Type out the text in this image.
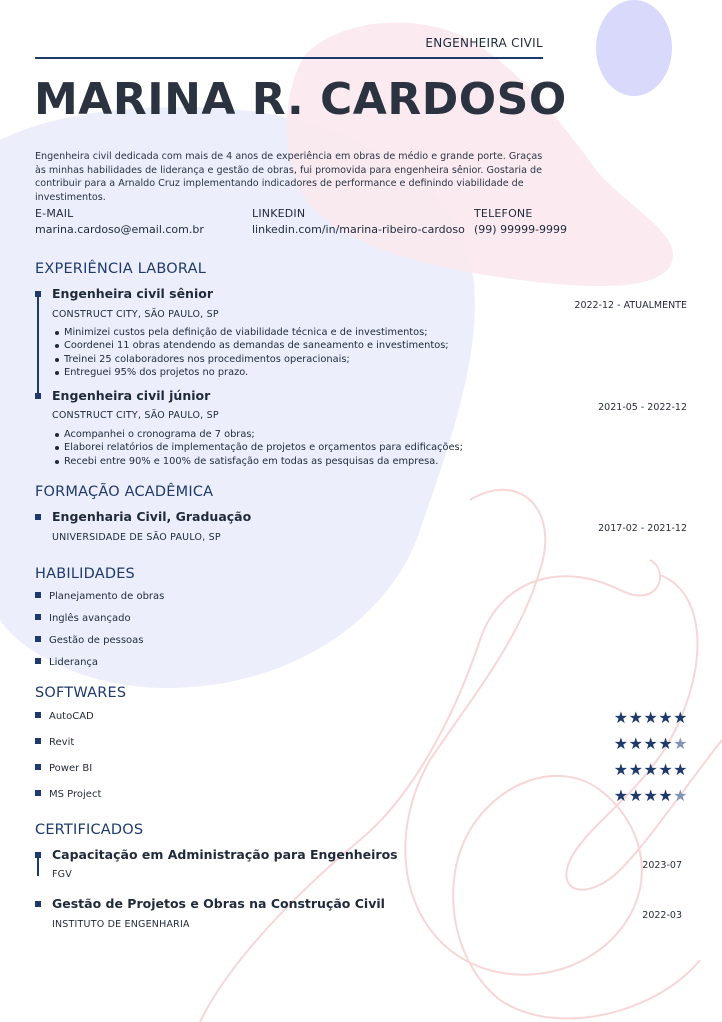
ENGENHEIRA CIVIL
MARINA R. CARDOSO
Engenheira civil dedicada com mais de 4 anos de experiência em obras de médio e grande porte. Graças às minhas habilidades de liderança e gestão de obras, fui promovida para engenheira sênior. Gostaria de contribuir para a Arnaldo Cruz implementando indicadores de performance e definindo viabilidade de investimentos.
E-MAIL
marina.cardoso@email.com.br
LINKEDIN
linkedin.com/in/marina-ribeiro-cardoso
TELEFONE
(99) 99999-9999
EXPERIÊNCIA LABORAL
Engenheira civil sênior
CONSTRUCT CITY, SÃO PAULO, SP
2022-12 - ATUALMENTE
Minimizei custos pela definição de viabilidade técnica e de investimentos;
Coordenei 11 obras atendendo as demandas de saneamento e investimentos;
Treinei 25 colaboradores nos procedimentos operacionais;
Entreguei 95% dos projetos no prazo.
Engenheira civil júnior
CONSTRUCT CITY, SÃO PAULO, SP
2021-05 - 2022-12
Acompanhei o cronograma de 7 obras;
Elaborei relatórios de implementação de projetos e orçamentos para edificações;
Recebi entre 90% e 100% de satisfação em todas as pesquisas da empresa.
FORMAÇÃO ACADÊMICA
Engenharia Civil, Graduação
UNIVERSIDADE DE SÃO PAULO, SP
2017-02 - 2021-12
HABILIDADES
Planejamento de obras
Inglês avançado
Gestão de pessoas
Liderança
SOFTWARES
AutoCAD	★★★★★
Revit	★★★★★
Power BI	★★★★★
MS Project	★★★★★
CERTIFICADOS
Capacitação em Administração para Engenheiros
FGV
2023-07
Gestão de Projetos e Obras na Construção Civil
INSTITUTO DE ENGENHARIA
2022-03
